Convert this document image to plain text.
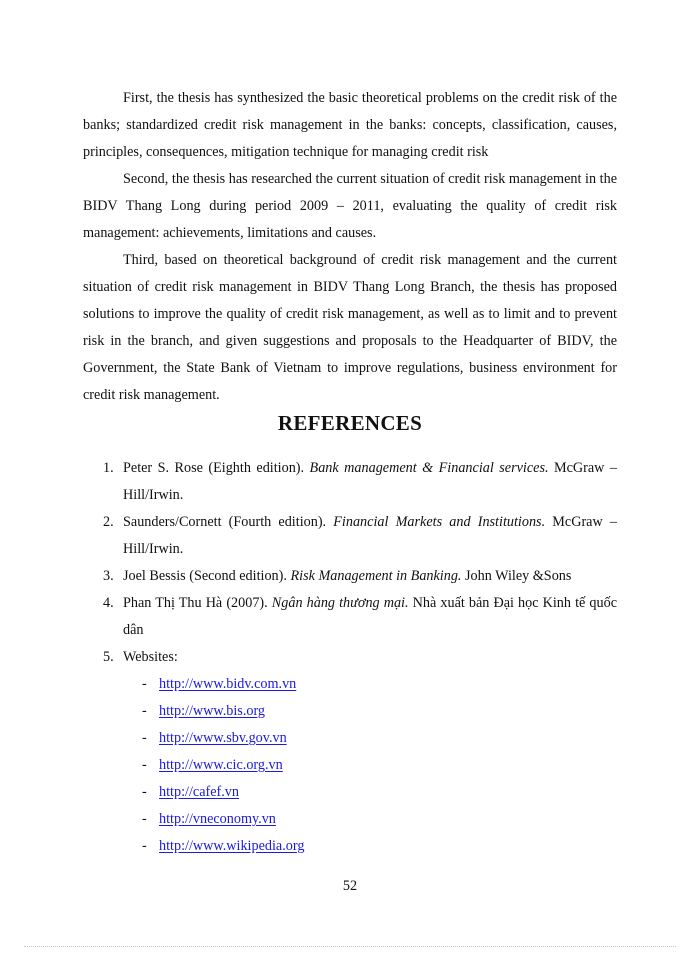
First, the thesis has synthesized the basic theoretical problems on the credit risk of the banks; standardized credit risk management in the banks: concepts, classification, causes, principles, consequences, mitigation technique for managing credit risk

Second, the thesis has researched the current situation of credit risk management in the BIDV Thang Long during period 2009 – 2011, evaluating the quality of credit risk management: achievements, limitations and causes.

Third, based on theoretical background of credit risk management and the current situation of credit risk management in BIDV Thang Long Branch, the thesis has proposed solutions to improve the quality of credit risk management, as well as to limit and to prevent risk in the branch, and given suggestions and proposals to the Headquarter of BIDV, the Government, the State Bank of Vietnam to improve regulations, business environment for credit risk management.

REFERENCES
1. Peter S. Rose (Eighth edition). Bank management & Financial services. McGraw – Hill/Irwin.
2. Saunders/Cornett (Fourth edition). Financial Markets and Institutions. McGraw – Hill/Irwin.
3. Joel Bessis (Second edition). Risk Management in Banking. John Wiley &Sons
4. Phan Thị Thu Hà (2007). Ngân hàng thương mại. Nhà xuất bản Đại học Kinh tế quốc dân
5. Websites:
- http://www.bidv.com.vn
- http://www.bis.org
- http://www.sbv.gov.vn
- http://www.cic.org.vn
- http://cafef.vn
- http://vneconomy.vn
- http://www.wikipedia.org

52
